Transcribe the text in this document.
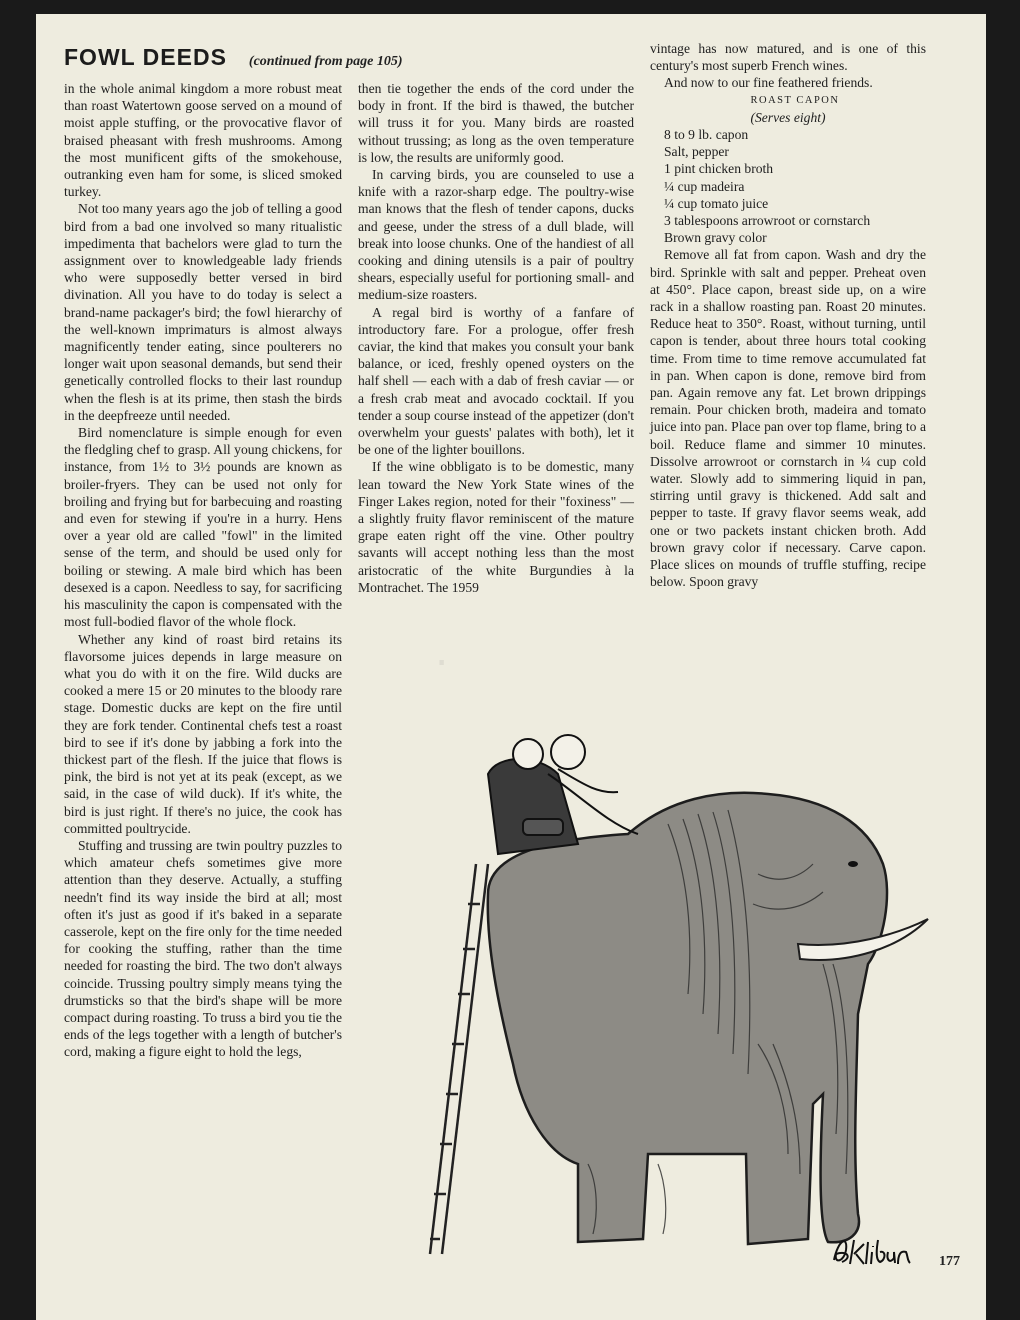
FOWL DEEDS (continued from page 105)

in the whole animal kingdom a more robust meat than roast Watertown goose served on a mound of moist apple stuffing, or the provocative flavor of braised pheasant with fresh mushrooms. Among the most munificent gifts of the smokehouse, outranking even ham for some, is sliced smoked turkey.

Not too many years ago the job of telling a good bird from a bad one involved so many ritualistic impedimenta that bachelors were glad to turn the assignment over to knowledgeable lady friends who were supposedly better versed in bird divination. All you have to do today is select a brand-name packager's bird; the fowl hierarchy of the well-known imprimaturs is almost always magnificently tender eating, since poulterers no longer wait upon seasonal demands, but send their genetically controlled flocks to their last roundup when the flesh is at its prime, then stash the birds in the deepfreeze until needed.

Bird nomenclature is simple enough for even the fledgling chef to grasp. All young chickens, for instance, from 1½ to 3½ pounds are known as broiler-fryers. They can be used not only for broiling and frying but for barbecuing and roasting and even for stewing if you're in a hurry. Hens over a year old are called "fowl" in the limited sense of the term, and should be used only for boiling or stewing. A male bird which has been desexed is a capon. Needless to say, for sacrificing his masculinity the capon is compensated with the most full-bodied flavor of the whole flock.

Whether any kind of roast bird retains its flavorsome juices depends in large measure on what you do with it on the fire. Wild ducks are cooked a mere 15 or 20 minutes to the bloody rare stage. Domestic ducks are kept on the fire until they are fork tender. Continental chefs test a roast bird to see if it's done by jabbing a fork into the thickest part of the flesh. If the juice that flows is pink, the bird is not yet at its peak (except, as we said, in the case of wild duck). If it's white, the bird is just right. If there's no juice, the cook has committed poultrycide.

Stuffing and trussing are twin poultry puzzles to which amateur chefs sometimes give more attention than they deserve. Actually, a stuffing needn't find its way inside the bird at all; most often it's just as good if it's baked in a separate casserole, kept on the fire only for the time needed for cooking the stuffing, rather than the time needed for roasting the bird. The two don't always coincide. Trussing poultry simply means tying the drumsticks so that the bird's shape will be more compact during roasting. To truss a bird you tie the ends of the legs together with a length of butcher's cord, making a figure eight to hold the legs,

then tie together the ends of the cord under the body in front. If the bird is thawed, the butcher will truss it for you. Many birds are roasted without trussing; as long as the oven temperature is low, the results are uniformly good.

In carving birds, you are counseled to use a knife with a razor-sharp edge. The poultry-wise man knows that the flesh of tender capons, ducks and geese, under the stress of a dull blade, will break into loose chunks. One of the handiest of all cooking and dining utensils is a pair of poultry shears, especially useful for portioning small- and medium-size roasters.

A regal bird is worthy of a fanfare of introductory fare. For a prologue, offer fresh caviar, the kind that makes you consult your bank balance, or iced, freshly opened oysters on the half shell — each with a dab of fresh caviar — or a fresh crab meat and avocado cocktail. If you tender a soup course instead of the appetizer (don't overwhelm your guests' palates with both), let it be one of the lighter bouillons.

If the wine obbligato is to be domestic, many lean toward the New York State wines of the Finger Lakes region, noted for their "foxiness" — a slightly fruity flavor reminiscent of the mature grape eaten right off the vine. Other poultry savants will accept nothing less than the most aristocratic of the white Burgundies à la Montrachet. The 1959

vintage has now matured, and is one of this century's most superb French wines.

And now to our fine feathered friends.

ROAST CAPON

(Serves eight)

8 to 9 lb. capon
Salt, pepper
1 pint chicken broth
¼ cup madeira
¼ cup tomato juice
3 tablespoons arrowroot or cornstarch
Brown gravy color

Remove all fat from capon. Wash and dry the bird. Sprinkle with salt and pepper. Preheat oven at 450°. Place capon, breast side up, on a wire rack in a shallow roasting pan. Roast 20 minutes. Reduce heat to 350°. Roast, without turning, until capon is tender, about three hours total cooking time. From time to time remove accumulated fat in pan. When capon is done, remove bird from pan. Again remove any fat. Let brown drippings remain. Pour chicken broth, madeira and tomato juice into pan. Place pan over top flame, bring to a boil. Reduce flame and simmer 10 minutes. Dissolve arrowroot or cornstarch in ¼ cup cold water. Slowly add to simmering liquid in pan, stirring until gravy is thickened. Add salt and pepper to taste. If gravy flavor seems weak, add one or two packets instant chicken broth. Add brown gravy color if necessary. Carve capon. Place slices on mounds of truffle stuffing, recipe below. Spoon gravy

·
177
